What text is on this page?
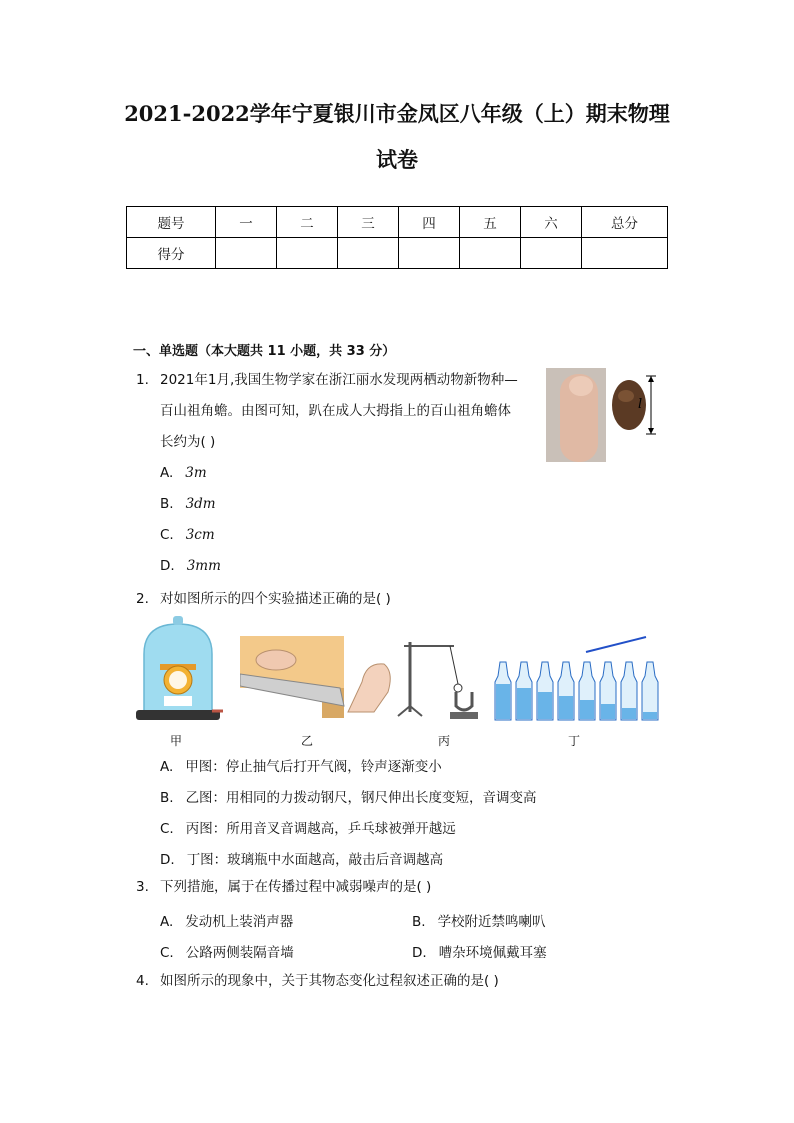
2021-2022学年宁夏银川市金凤区八年级（上）期末物理
试卷
题号	一	二	三	四	五	六	总分
得分							
一、单选题（本大题共 11 小题，共 33 分）
1. 2021年1月,我国生物学家在浙江丽水发现两栖动物新物种—
百山祖角蟾。由图可知，趴在成人大拇指上的百山祖角蟾体
长约为( )
l
A. 3m
B. 3dm
C. 3cm
D. 3mm
2. 对如图所示的四个实验描述正确的是( )
甲	乙	丙	丁
A. 甲图：停止抽气后打开气阀，铃声逐渐变小
B. 乙图：用相同的力拨动钢尺，钢尺伸出长度变短，音调变高
C. 丙图：所用音叉音调越高，乒乓球被弹开越远
D. 丁图：玻璃瓶中水面越高，敲击后音调越高
3. 下列措施，属于在传播过程中减弱噪声的是( )
A. 发动机上装消声器	B. 学校附近禁鸣喇叭
C. 公路两侧装隔音墙	D. 嘈杂环境佩戴耳塞
4. 如图所示的现象中，关于其物态变化过程叙述正确的是( )
